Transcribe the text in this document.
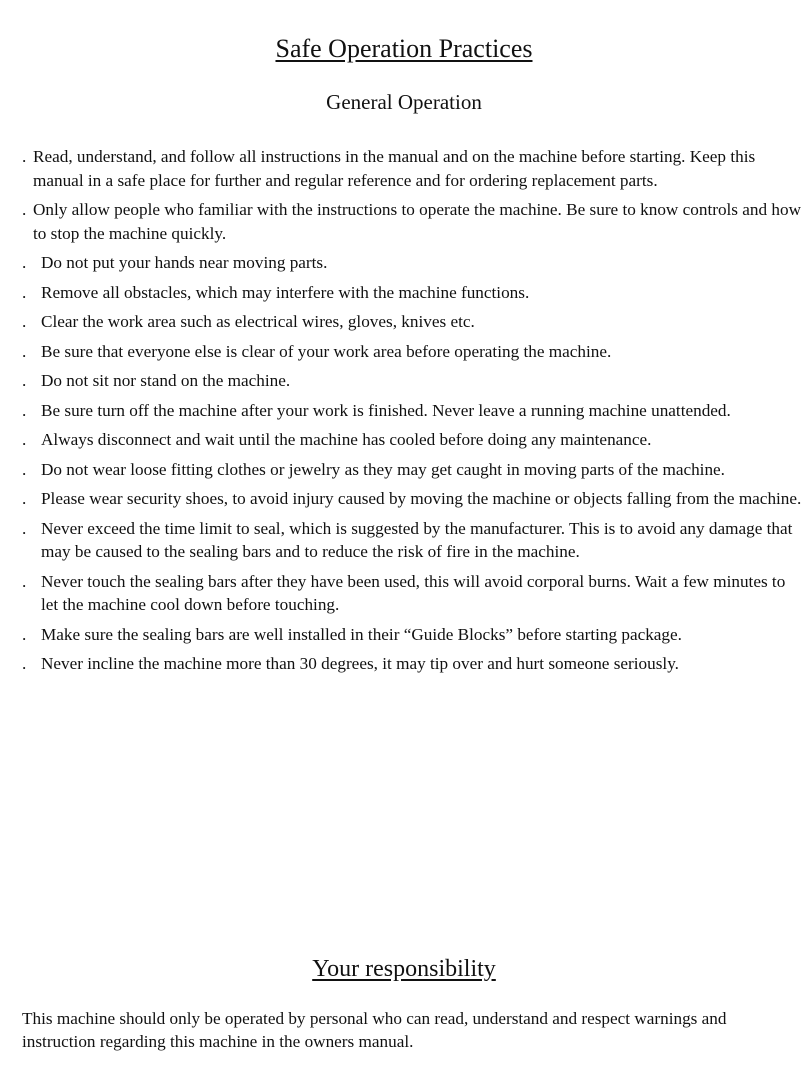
Safe Operation Practices
General Operation
. Read, understand, and follow all instructions in the manual and on the machine before starting. Keep this manual in a safe place for further and regular reference and for ordering replacement parts.
. Only allow people who familiar with the instructions to operate the machine. Be sure to know controls and how to stop the machine quickly.
. Do not put your hands near moving parts.
. Remove all obstacles, which may interfere with the machine functions.
. Clear the work area such as electrical wires, gloves, knives etc.
. Be sure that everyone else is clear of your work area before operating the machine.
. Do not sit nor stand on the machine.
. Be sure turn off the machine after your work is finished. Never leave a running machine unattended.
. Always disconnect and wait until the machine has cooled before doing any maintenance.
. Do not wear loose fitting clothes or jewelry as they may get caught in moving parts of the machine.
. Please wear security shoes, to avoid injury caused by moving the machine or objects falling from the machine.
. Never exceed the time limit to seal, which is suggested by the manufacturer. This is to avoid any damage that may be caused to the sealing bars and to reduce the risk of fire in the machine.
. Never touch the sealing bars after they have been used, this will avoid corporal burns. Wait a few minutes to let the machine cool down before touching.
. Make sure the sealing bars are well installed in their “Guide Blocks” before starting package.
. Never incline the machine more than 30 degrees, it may tip over and hurt someone seriously.
Your responsibility

This machine should only be operated by personal who can read, understand and respect warnings and instruction regarding this machine in the owners manual.
